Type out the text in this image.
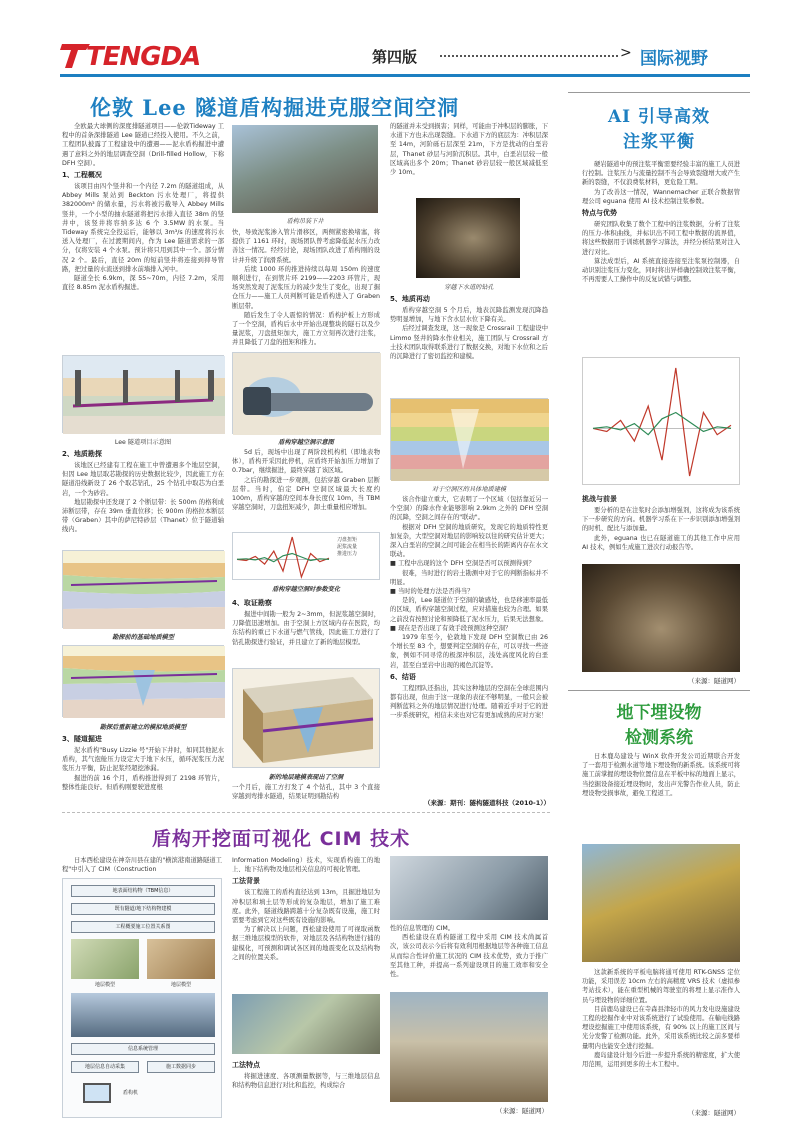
TENGDA	第四版	> 国际视野
伦敦 Lee 隧道盾构掘进克服空间空洞

全欧最大球侧的深度排隧道项目——伦敦Tideway 工程中的首条深排隧道 Lee 隧道已经投入使用。不久之前，工程团队披露了工程建设中的遭遇——泥水盾构掘进中遭遇了意料之外的地层调查空洞（Drill-filled Hollow，下称 DFH 空洞）。

1、工程概况

该项目由四个竖井和一个内径 7.2m 的隧道组成，从 Abbey Mills 泵站到 Beckton 污水处理厂，将提供 382000m³ 的储水量，污水将被污截导入 Abbey Mills 竖井，一个小型的抽水隧道将把污水排入直径 38m 的竖井中，该竖井将容纳多达 6 个 3.5MW 的水泵。当 Tideway 系统完全投运后，能够以 3m³/s 的速度将污水送入处理厂，在过渡期间内，作为 Lee 隧道需求的一部分，仅将安装 4 个水泵。预计将只用到其中一个。部分情况 2 个。最后，直径 20m 的短前竖井将连接到抑导管路，把过量的水流送到排水前墙排入河中。

隧道全长 6.9km，深 55~70m，内径 7.2m，采用直径 8.85m 泥水盾构掘进。

Lee 隧道项目示意图
2、地质勘探

该地区已经建有工程在施工中曾遭遇多个地层空洞，但因 Lee 地层取芯勘探的历史数据比较少，因此施工方在隧道沿线新设了 26 个取芯钻孔，25 个钻孔中取芯为白垩岩，一个为砂岩。

地层勘探中还发现了 2 个断层带：长 500m 的格利成沛断层带，存在 39m 垂直位移；长 900m 的格拉本断层带（Graben）其中的萨尼特砂层（Thanet）位于隧道轴线内。

勘探前的基础地质模型
勘探后重新建立的模拟地质模型
3、隧道掘进

泥水盾构"Busy Lizzie 号"开始下井时，如同其他泥水盾构，其气泡舱压力设定大于地下水压，循环泥浆压力泥浆压力平衡，防止泥浆经超挖渗漏。

掘进的前 16 个月，盾构推进得到了 2198 环管片，整体性能良好。但盾构刚要驶进度根

盾构吊装下井

快，导致泥浆渗入管片滑移区，两侧紧密换堵塞，将提供了 1161 环时，现场团队曾考虑降低泥水压力改善这一情况。经经讨论，现场团队改进了盾构刚的设计并升级了润滑系统。

后续 1000 环的推进持续以每周 150m 的速度顺利进行，在到管片环 2199——2203 环管片，现场突然发现了泥浆压力的减少发生了变化，出现了掘仓压力——施工人员判断可能是盾构进入了 Graben 断层带。

随后发生了令人震惊的情况：盾构护板上方形成了一个空洞，盾构后水中开始出现整块的隧石以及少量泥浆，刀盘扭矩加大，施工方立刻再次进行注浆，并且降低了刀盘的扭矩和推力。

盾构穿越空洞示意图

5d 后，现场中出现了两阶段机构机（即地表物体），盾构开采因此停机，应盾终开始加压力增加了 0.7bar，继续掘进，最终穿越了该区域。

之后的勘探进一步观测，包括穿越 Graben 层断层带。当时，伯定 DFH 空洞区域最大长度约 100m，盾构穿越的空间本身长度仅 10m，当 TBM 穿越空洞时，刀盘扭矩减少，卸土重量相应增加。

刀盘扭矩
泥浆流量
推进压力
盾构穿越空洞时参数变化
4、取证勘察

掘进中间勘一般为 2~3mm，但泥浆越空洞时，刀降值迅速增加。由于空洞上方区域内存在医院，均东结构的重已下水道与燃气管线，因此施工方进行了钻孔勘探进行验证，并且建立了新的地层模型。

新的地层建模表现出了空洞

一个月后，施工方打发了 4 个钻孔，其中 3 个直接穿越到弯排水隧道，结果证明到勘结构

的隧道并未受到损害；同样，可能由于冲积层的膨胀，下水道下方也未出现裂缝。下水道下方的底层为：冲积层深至 14m，河阶砾石层深至 21m，下方是扰动的白垩岩层，Thanet 砂层与河阶沉积层。其中，白垩岩层较一般区域高出多个 20m；Thanet 砂岩层较一般区域减低至少 10m。

穿越下水道的钻孔
5、地质再动

盾构穿越空洞 5 个月后，地表沉降监测发现沉降趋势明显增加，与地下含水层水位下降有关。

后经过调查发现，这一现象是 Crossrail 工程建设中 Limmo 竖井的降水作业相关，施工团队与 Crossrail 方土技术团队取得联系进行了数据交换，对地下水位和之后的沉降进行了密切监控和建模。

对于空洞区的具体地质建模

该合作建立重大，它表明了一个区域（包括靠近另一个空洞）的降水作业能够影响 2.9km 之外的 DFH 空洞的沉降，空洞之间存在的"联动"。

根据对 DFH 空洞的地质研究，发现它的地质特性更加复杂，大型空洞对地层的影响较以往的研究估计更大；深入白垩岩的空洞之间可能会在相当长的距离内存在水文联动。

■ 工程中出现的这个 DFH 空洞是否可以预测得到？

很难，当时进行的岩土勘测中对于它的判断指标并不明显。

■ 当时的处理方法是否得当？

是的，Lee 隧道位于空洞的敏感处，也是移速率最低的区域，盾构穿越空洞过程，应对措施也较为合理。如果之前没有按照讨论和预降低了泥水压力，后果无法想象。

■ 现在是否出现了有效手段预测这种空洞？

1979 年至今，伦敦地下发现 DFH 空洞数已由 26 个增长至 83 个，想要判定空洞的存在，可以寻找一些迹象，例如不同寻常的极深冲积层，浅处高度风化的白垩岩，甚至白垩岩中出现的褐色沉淀等。

6、结语

工程团队还指出，其实这种地层的空洞在全球范围内都有出现，但由于这一现象的表征不够明显，一般只会被判断蓝料之外的地层情况进行处理。随着近乎对于它的进一步系统研究，相信未来也对它有更加成熟的应对方案！

（来源：期刊：隧构隧道科技（2010-1））
盾构开挖面可视化 CIM 技术

日本西松建设在神奈川县在建的"横滨港南道路隧道工程"中引入了 CIM（Construction

地表面结构物（TBM信息）
既有隧道/地下结构物建模
工程概要施工位置关系图
地层模型	地层模型
信息系统管理
地层信息自动采集	施工数据同步
盾构机

Information Modeling）技术，实现盾构施工的地上、地下结构物及地层相关信息的可视化管理。

工法背景

该工程施工的盾构直径达到 13m，且掘进地层为冲积层和填土层等形成的复杂地层，增加了施工难度。此外，隧道线路跨越十分复杂既有设施，施工时需要考虑到它对这些既有设施的影响。

为了解决以上问题，西松建设使用了可视取函数据三维地层模型的软件，对地层及各结构物进行捕的建模化，可预测和调试各区间的地震变化以及结构物之间的位置关系。

工法特点

将掘进速度、各项测量数据等，与三维地层信息和结构物信息进行对比和监控，构成综合

性的信息管理的 CIM。

西松建设在盾构隧道工程中采用 CIM 技术尚属首次，该公司表示今后将有效利用根据地层等各种施工信息从而综合性评价施工状况的 CIM 技术优势，致力于推广至其他工种，并提高一系列建设项目的施工效率和安全性。

（来源：隧道网）
AI 引导高效
注浆平衡

硬岩隧道中的预注浆平衡需要经验丰富的施工人员进行控制。注浆压力与流量控制不当会导致裂缝增大或产生新的裂缝，不仅浪费浆材料，更危险工期。

为了改善这一情况，Wannemacher 正联合数据管理公司 eguana 使用 AI 技术控制注浆参数。

特点与优势

研究团队收集了数个工程中的注浆数据，分析了注浆的压力-体积曲线，并标识出不同工程中数据的流界值，将这些数据用于训练机器学习算法，并经分析结果对注入进行对比。

算法成型后，AI 系统直接连接至注浆泵控制器，自动识别注浆压力变化，同时将出异样确控制效注浆平衡，不再需要人工操作中的反复试错与调整。

挑战与前景

要分析的是在注浆时会添加增强剂，这将成为该系统下一步研究的方向。机器学习系在下一步识别添加增强剂的时机、配比与添加量。

此外，eguana 也已在隧道施工的其他工作中应用 AI 技术，例如生成施工进次行动报告等。

（来源：隧道网）
地下埋设物
检测系统

日本鹿岛建设与 WinX 软件开发公司近期联合开发了一套用于检测水道等地下埋设物的新系统。该系统可将施工前掌握的埋设物位置信息在平板中标的地面上显示，当挖掘设备接近埋设物时，发出声光警告作业人员，防止埋设物受损事故，避免工程返工。

这款新系统的平板电脑将通可使用 RTK-GNSS 定位功能，采用误差 10cm 左右的高精度 VRS 技术（虚拟参考站技术），能在重型机械的驾驶室的将埋上显示准作人员与埋设物的详细位置。

目前鹿岛建设已在寺森县津轻市的风力发电设施建设工程的挖掘作业中对该系统进行了试验使用。在輸电线路埋设挖掘施工中使用该系统，有 90% 以上的施工区间与光分发警了检测功能。此外，采用该系统比较之前多要样量明内也能安全进行挖掘。

鹿岛建设计划今后进一步提升系统的精密度，扩大使用范围，运用到更多的土木工程中。

（来源：隧道网）
